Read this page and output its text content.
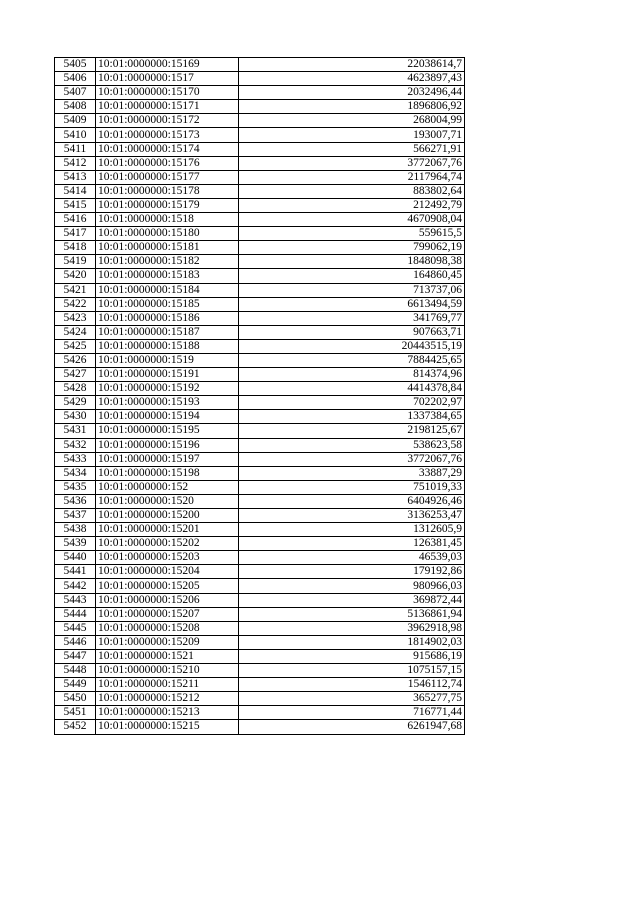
5405	10:01:0000000:15169	22038614,7
5406	10:01:0000000:1517	4623897,43
5407	10:01:0000000:15170	2032496,44
5408	10:01:0000000:15171	1896806,92
5409	10:01:0000000:15172	268004,99
5410	10:01:0000000:15173	193007,71
5411	10:01:0000000:15174	566271,91
5412	10:01:0000000:15176	3772067,76
5413	10:01:0000000:15177	2117964,74
5414	10:01:0000000:15178	883802,64
5415	10:01:0000000:15179	212492,79
5416	10:01:0000000:1518	4670908,04
5417	10:01:0000000:15180	559615,5
5418	10:01:0000000:15181	799062,19
5419	10:01:0000000:15182	1848098,38
5420	10:01:0000000:15183	164860,45
5421	10:01:0000000:15184	713737,06
5422	10:01:0000000:15185	6613494,59
5423	10:01:0000000:15186	341769,77
5424	10:01:0000000:15187	907663,71
5425	10:01:0000000:15188	20443515,19
5426	10:01:0000000:1519	7884425,65
5427	10:01:0000000:15191	814374,96
5428	10:01:0000000:15192	4414378,84
5429	10:01:0000000:15193	702202,97
5430	10:01:0000000:15194	1337384,65
5431	10:01:0000000:15195	2198125,67
5432	10:01:0000000:15196	538623,58
5433	10:01:0000000:15197	3772067,76
5434	10:01:0000000:15198	33887,29
5435	10:01:0000000:152	751019,33
5436	10:01:0000000:1520	6404926,46
5437	10:01:0000000:15200	3136253,47
5438	10:01:0000000:15201	1312605,9
5439	10:01:0000000:15202	126381,45
5440	10:01:0000000:15203	46539,03
5441	10:01:0000000:15204	179192,86
5442	10:01:0000000:15205	980966,03
5443	10:01:0000000:15206	369872,44
5444	10:01:0000000:15207	5136861,94
5445	10:01:0000000:15208	3962918,98
5446	10:01:0000000:15209	1814902,03
5447	10:01:0000000:1521	915686,19
5448	10:01:0000000:15210	1075157,15
5449	10:01:0000000:15211	1546112,74
5450	10:01:0000000:15212	365277,75
5451	10:01:0000000:15213	716771,44
5452	10:01:0000000:15215	6261947,68
